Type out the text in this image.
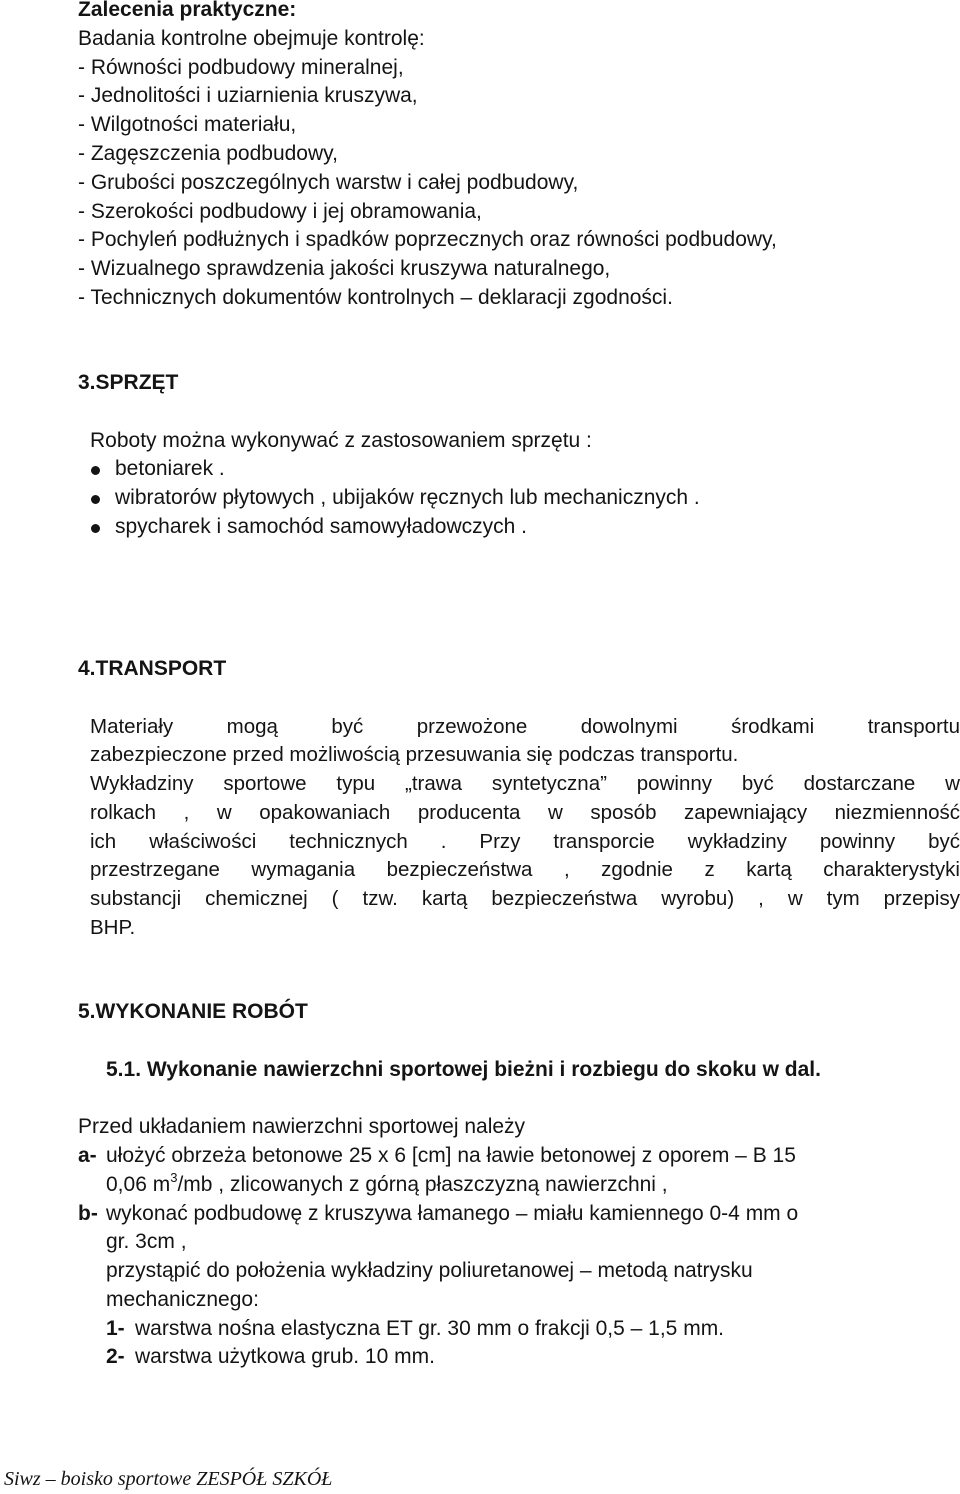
Zalecenia praktyczne:
Badania kontrolne obejmuje kontrolę:
- Równości podbudowy mineralnej,
- Jednolitości i uziarnienia kruszywa,
- Wilgotności materiału,
- Zagęszczenia podbudowy,
- Grubości poszczególnych warstw i całej podbudowy,
- Szerokości podbudowy i jej obramowania,
- Pochyleń podłużnych i spadków poprzecznych oraz równości podbudowy,
- Wizualnego sprawdzenia jakości kruszywa naturalnego,
- Technicznych dokumentów kontrolnych – deklaracji zgodności.
3.SPRZĘT
Roboty można wykonywać z zastosowaniem sprzętu :
betoniarek .
wibratorów płytowych , ubijaków ręcznych lub mechanicznych .
spycharek i samochód samowyładowczych .
4.TRANSPORT
Materiały mogą być przewożone dowolnymi środkami transportu
zabezpieczone przed możliwością przesuwania się podczas transportu.
Wykładziny sportowe typu „trawa syntetyczna” powinny być dostarczane w
rolkach , w opakowaniach producenta w sposób zapewniający niezmienność
ich właściwości technicznych . Przy transporcie wykładziny powinny być
przestrzegane wymagania bezpieczeństwa , zgodnie z kartą charakterystyki
substancji chemicznej ( tzw. kartą bezpieczeństwa wyrobu) , w tym przepisy
BHP.
5.WYKONANIE ROBÓT
5.1. Wykonanie nawierzchni sportowej bieżni i rozbiegu do skoku w dal.
Przed układaniem nawierzchni sportowej należy
a- ułożyć obrzeża betonowe 25 x 6 [cm] na ławie betonowej z oporem – B 15
0,06 $m^3/mb$ , zlicowanych z górną płaszczyzną nawierzchni ,
b- wykonać podbudowę z kruszywa łamanego – miału kamiennego 0-4 mm o
gr. 3cm ,
przystąpić do położenia wykładziny poliuretanowej – metodą natrysku
mechanicznego:
1- warstwa nośna elastyczna ET gr. 30 mm o frakcji 0,5 – 1,5 mm.
2- warstwa użytkowa grub. 10 mm.
Siwz – boisko sportowe ZESPÓŁ SZKÓŁ
